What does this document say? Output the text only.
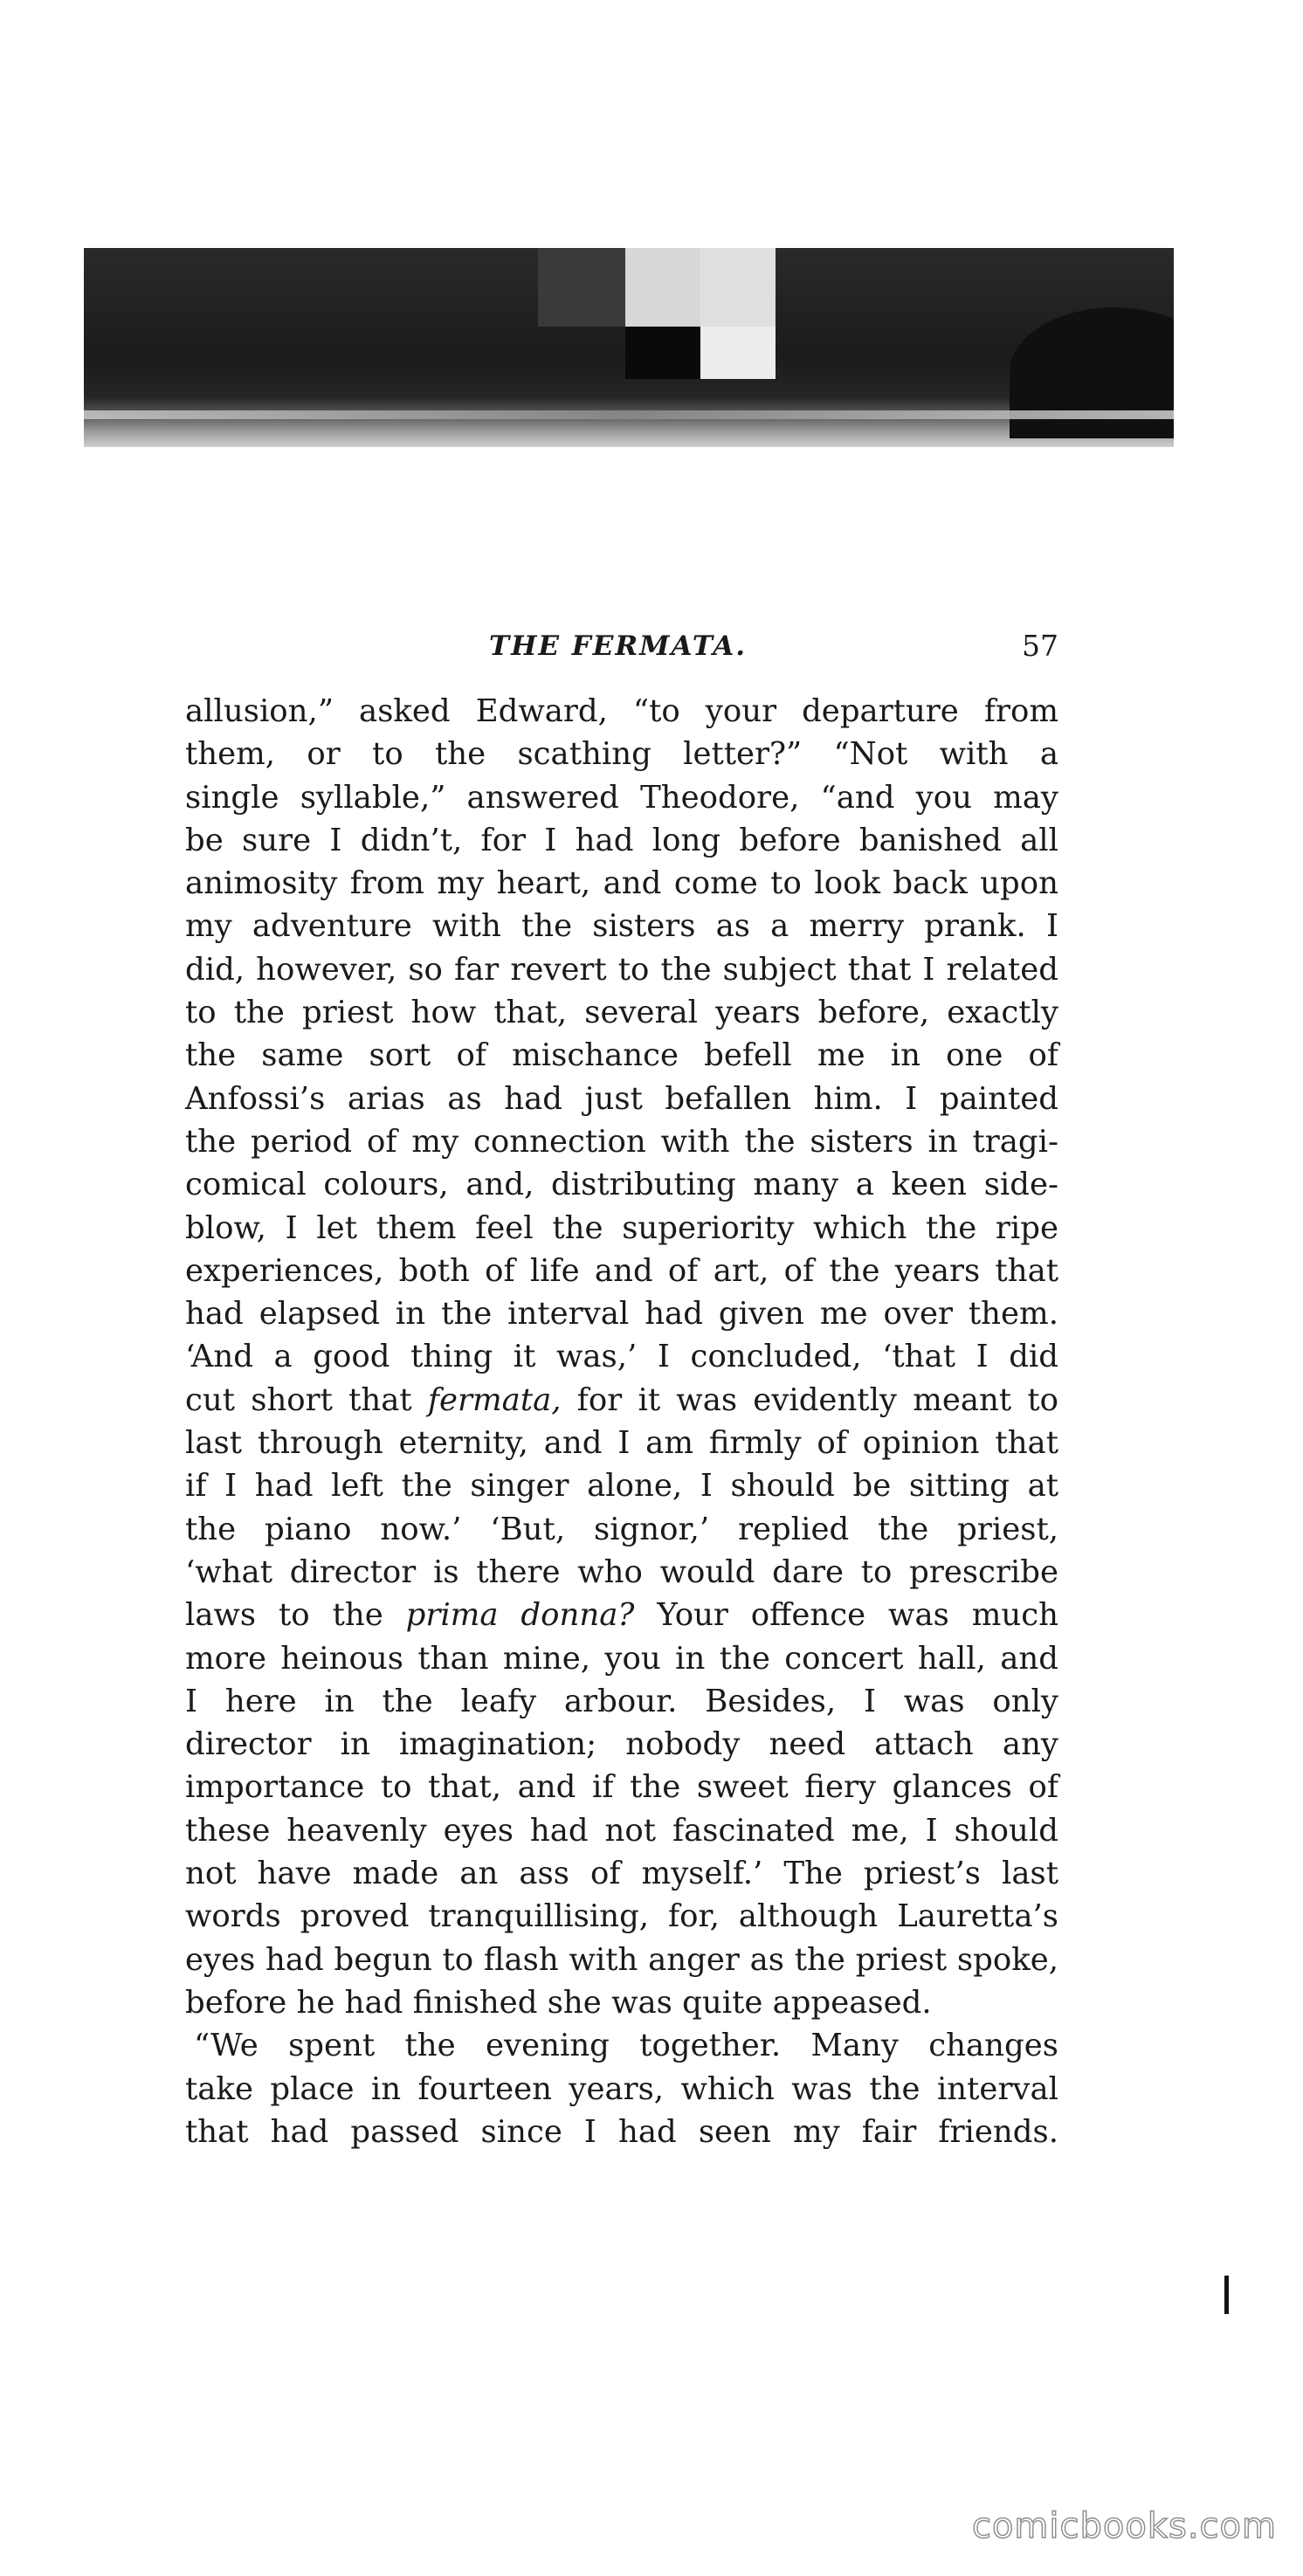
THE FERMATA.	57
allusion,” asked Edward, “to your departure from
them, or to the scathing letter?” “Not with a
single syllable,” answered Theodore, “and you may
be sure I didn’t, for I had long before banished all
animosity from my heart, and come to look back upon
my adventure with the sisters as a merry prank. I
did, however, so far revert to the subject that I related
to the priest how that, several years before, exactly
the same sort of mischance befell me in one of
Anfossi’s arias as had just befallen him. I painted
the period of my connection with the sisters in tragi-
comical colours, and, distributing many a keen side-
blow, I let them feel the superiority which the ripe
experiences, both of life and of art, of the years that
had elapsed in the interval had given me over them.
‘And a good thing it was,’ I concluded, ‘that I did
cut short that fermata, for it was evidently meant to
last through eternity, and I am firmly of opinion that
if I had left the singer alone, I should be sitting at
the piano now.’ ‘But, signor,’ replied the priest,
‘what director is there who would dare to prescribe
laws to the prima donna? Your offence was much
more heinous than mine, you in the concert hall, and
I here in the leafy arbour. Besides, I was only
director in imagination; nobody need attach any
importance to that, and if the sweet fiery glances of
these heavenly eyes had not fascinated me, I should
not have made an ass of myself.’ The priest’s last
words proved tranquillising, for, although Lauretta’s
eyes had begun to flash with anger as the priest spoke,
before he had finished she was quite appeased.
“We spent the evening together. Many changes
take place in fourteen years, which was the interval
that had passed since I had seen my fair friends.
comicbooks.com
